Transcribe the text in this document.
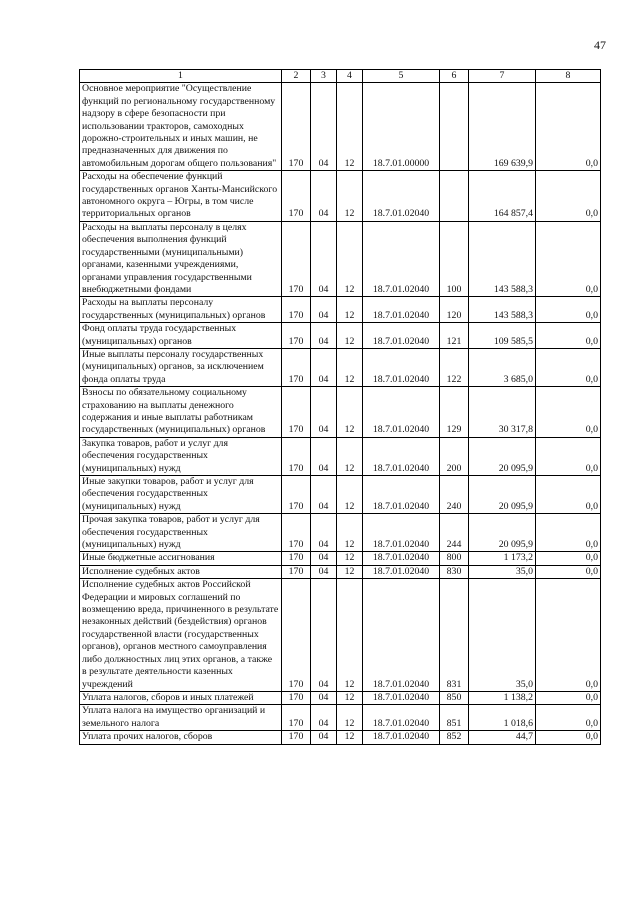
47
1	2	3	4	5	6	7	8
Основное мероприятие "Осуществление функций по региональному государственному надзору в сфере безопасности при использовании тракторов, самоходных дорожно-строительных и иных машин, не предназначенных для движения по автомобильным дорогам общего пользования"	170	04	12	18.7.01.00000		169 639,9	0,0
Расходы на обеспечение функций государственных органов Ханты-Мансийского автономного округа – Югры, в том числе территориальных органов	170	04	12	18.7.01.02040		164 857,4	0,0
Расходы на выплаты персоналу в целях обеспечения выполнения функций государственными (муниципальными) органами, казенными учреждениями, органами управления государственными внебюджетными фондами	170	04	12	18.7.01.02040	100	143 588,3	0,0
Расходы на выплаты персоналу государственных (муниципальных) органов	170	04	12	18.7.01.02040	120	143 588,3	0,0
Фонд оплаты труда государственных (муниципальных) органов	170	04	12	18.7.01.02040	121	109 585,5	0,0
Иные выплаты персоналу государственных (муниципальных) органов, за исключением фонда оплаты труда	170	04	12	18.7.01.02040	122	3 685,0	0,0
Взносы по обязательному социальному страхованию на выплаты денежного содержания и иные выплаты работникам государственных (муниципальных) органов	170	04	12	18.7.01.02040	129	30 317,8	0,0
Закупка товаров, работ и услуг для обеспечения государственных (муниципальных) нужд	170	04	12	18.7.01.02040	200	20 095,9	0,0
Иные закупки товаров, работ и услуг для обеспечения государственных (муниципальных) нужд	170	04	12	18.7.01.02040	240	20 095,9	0,0
Прочая закупка товаров, работ и услуг для обеспечения государственных (муниципальных) нужд	170	04	12	18.7.01.02040	244	20 095,9	0,0
Иные бюджетные ассигнования	170	04	12	18.7.01.02040	800	1 173,2	0,0
Исполнение судебных актов	170	04	12	18.7.01.02040	830	35,0	0,0
Исполнение судебных актов Российской Федерации и мировых соглашений по возмещению вреда, причиненного в результате незаконных действий (бездействия) органов государственной власти (государственных органов), органов местного самоуправления либо должностных лиц этих органов, а также в результате деятельности казенных учреждений	170	04	12	18.7.01.02040	831	35,0	0,0
Уплата налогов, сборов и иных платежей	170	04	12	18.7.01.02040	850	1 138,2	0,0
Уплата налога на имущество организаций и земельного налога	170	04	12	18.7.01.02040	851	1 018,6	0,0
Уплата прочих налогов, сборов	170	04	12	18.7.01.02040	852	44,7	0,0
